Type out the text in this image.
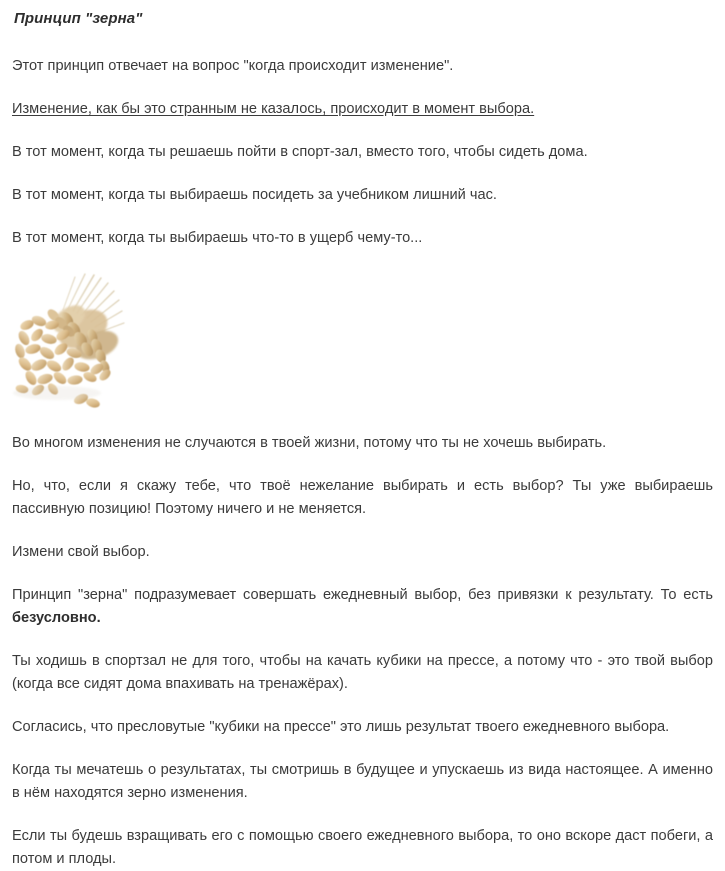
Принцип "зерна"

Этот принцип отвечает на вопрос "когда происходит изменение".

Изменение, как бы это странным не казалось, происходит в момент выбора.

В тот момент, когда ты решаешь пойти в спорт-зал, вместо того, чтобы сидеть дома.

В тот момент, когда ты выбираешь посидеть за учебником лишний час.

В тот момент, когда ты выбираешь что-то в ущерб чему-то...

Во многом изменения не случаются в твоей жизни, потому что ты не хочешь выбирать.

Но, что, если я скажу тебе, что твоё нежелание выбирать и есть выбор? Ты уже выбираешь пассивную позицию! Поэтому ничего и не меняется.

Измени свой выбор.

Принцип "зерна" подразумевает совершать ежедневный выбор, без привязки к результату. То есть безусловно.

Ты ходишь в спортзал не для того, чтобы на качать кубики на прессе, а потому что - это твой выбор (когда все сидят дома впахивать на тренажёрах).

Согласись, что пресловутые "кубики на прессе" это лишь результат твоего ежедневного выбора.

Когда ты мечатешь о результатах, ты смотришь в будущее и упускаешь из вида настоящее. А именно в нём находятся зерно изменения.

Если ты будешь взращивать его с помощью своего ежедневного выбора, то оно вскоре даст побеги, а потом и плоды.
